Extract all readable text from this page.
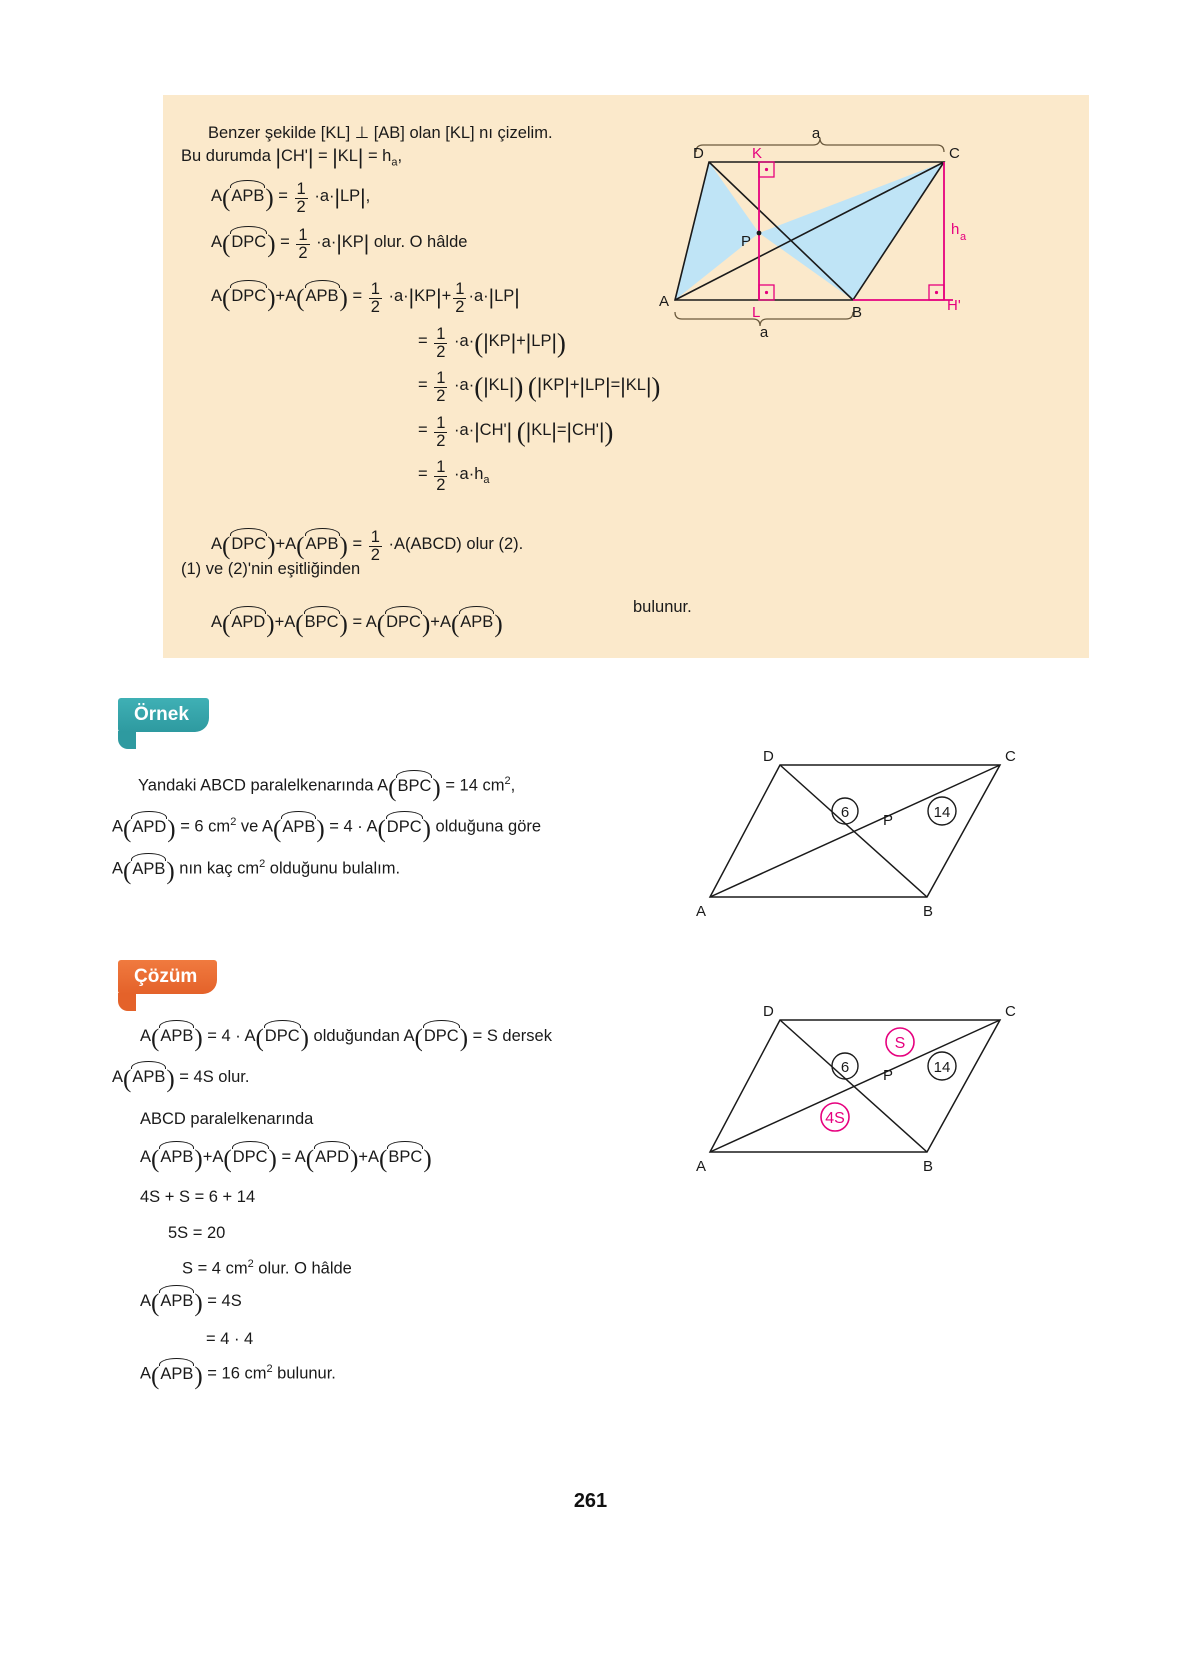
Benzer şekilde [KL] ⊥ [AB] olan [KL] nı çizelim.
Bu durumda $|CH'| = |KL| = h_a$,
A(
$APB) = \frac{1}{2} \cdot a\cdot|LP|$,
A(
$DPC) = \frac{1}{2} \cdot a\cdot|KP|$ olur. O hâlde
A(
DPC)+A(
$APB) = \frac{1}{2} \cdot a\cdot|KP|+ \frac{1}{2} \cdot a\cdot|LP|$
= $\frac{1}{2} \cdot a\cdot(|KP|+|LP|)$
= $\frac{1}{2} \cdot a\cdot(|KL|)$ (|KP|+|LP|=|KL|)
= $\frac{1}{2} \cdot a\cdot|CH'|$ (|KL|=|CH'|)
= $\frac{1}{2} \cdot a\cdot h_a$
A(
DPC)+A(
$APB) = \frac{1}{2}$ ·A(ABCD) olur (2).
(1) ve (2)'nin eşitliğinden
A(
APD)+A(
BPC) = A(
DPC)+A(
APB)
bulunur.
a
a
A
B
C
D	K
L
P
H'
h a
Örnek
Yandaki ABCD paralelkenarında A(
BPC) = 14 $cm^2$,
A(
APD) = 6 $cm^2$ ve A(
APB) = 4 · A(
DPC) olduğuna göre
A(
APB) nın kaç $cm^2$ olduğunu bulalım.
6	14
A	B
C
D
P
Çözüm
A(
APB) = 4 · A(
DPC) olduğundan A(
DPC) = S dersek
A(
APB) = 4S olur.
ABCD paralelkenarında
A(
APB)+A(
DPC) = A(
APD)+A(
BPC)
4S + S = 6 + 14
5S = 20
S = 4 $cm^2$ olur. O hâlde
A(
APB) = 4S
= 4 · 4
A(
APB) = 16 $cm^2$ bulunur.
6	14
S
4S
A	B
C
D
P
261
